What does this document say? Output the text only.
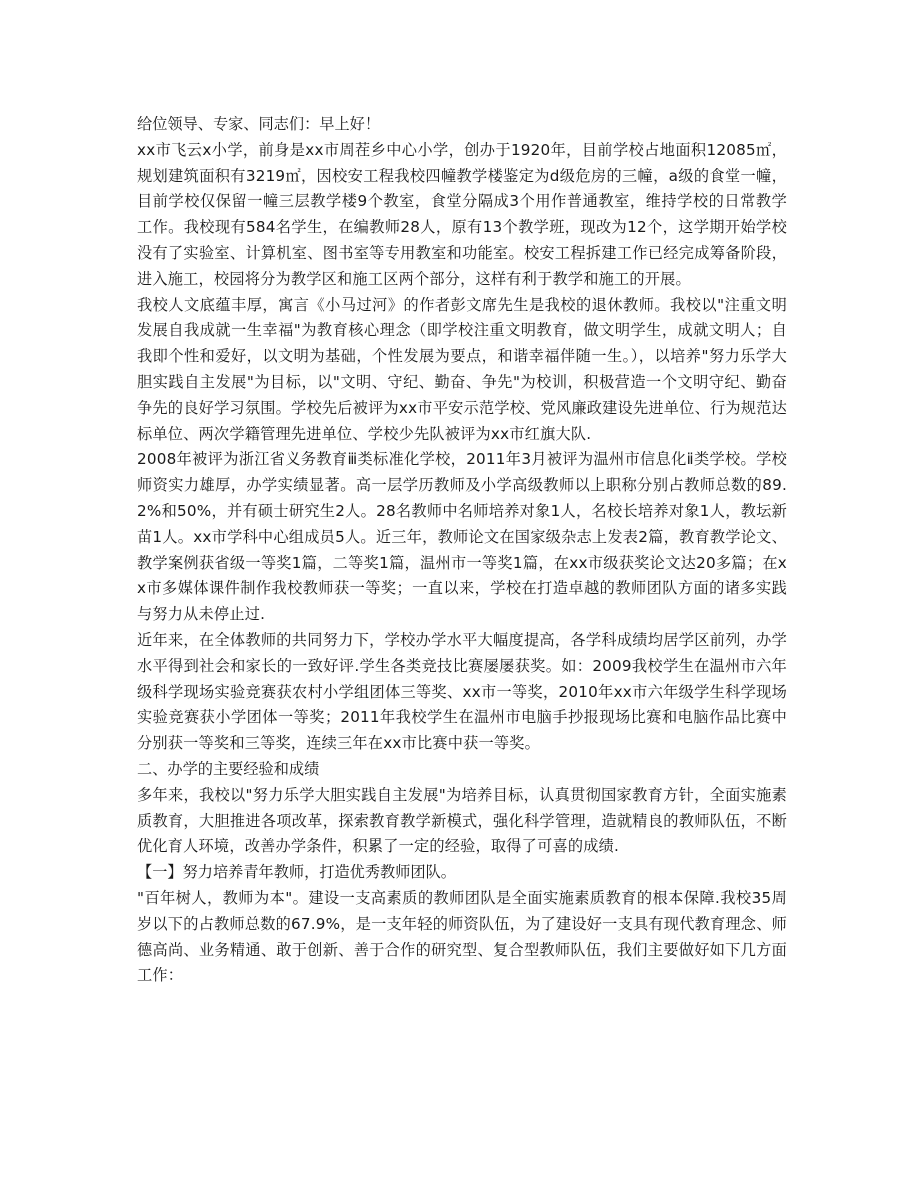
给位领导、专家、同志们：早上好！

xx市飞云x小学，前身是xx市周茬乡中心小学，创办于1920年，目前学校占地面积12085㎡，规划建筑面积有3219㎡，因校安工程我校四幢教学楼鉴定为d级危房的三幢，a级的食堂一幢，目前学校仅保留一幢三层教学楼9个教室，食堂分隔成3个用作普通教室，维持学校的日常教学工作。我校现有584名学生，在编教师28人，原有13个教学班，现改为12个，这学期开始学校没有了实验室、计算机室、图书室等专用教室和功能室。校安工程拆建工作已经完成筹备阶段，进入施工，校园将分为教学区和施工区两个部分，这样有利于教学和施工的开展。

我校人文底蕴丰厚，寓言《小马过河》的作者彭文席先生是我校的退休教师。我校以"注重文明发展自我成就一生幸福"为教育核心理念（即学校注重文明教育，做文明学生，成就文明人；自我即个性和爱好，以文明为基础，个性发展为要点，和谐幸福伴随一生。），以培养"努力乐学大胆实践自主发展"为目标，以"文明、守纪、勤奋、争先"为校训，积极营造一个文明守纪、勤奋争先的良好学习氛围。学校先后被评为xx市平安示范学校、党风廉政建设先进单位、行为规范达标单位、两次学籍管理先进单位、学校少先队被评为xx市红旗大队.

2008年被评为浙江省义务教育ⅲ类标准化学校，2011年3月被评为温州市信息化ⅱ类学校。学校师资实力雄厚，办学实绩显著。高一层学历教师及小学高级教师以上职称分别占教师总数的89.2%和50%，并有硕士研究生2人。28名教师中名师培养对象1人，名校长培养对象1人，教坛新苗1人。xx市学科中心组成员5人。近三年，教师论文在国家级杂志上发表2篇，教育教学论文、教学案例获省级一等奖1篇，二等奖1篇，温州市一等奖1篇，在xx市级获奖论文达20多篇；在xx市多媒体课件制作我校教师获一等奖；一直以来，学校在打造卓越的教师团队方面的诸多实践与努力从未停止过.

近年来，在全体教师的共同努力下，学校办学水平大幅度提高，各学科成绩均居学区前列，办学水平得到社会和家长的一致好评.学生各类竞技比赛屡屡获奖。如：2009我校学生在温州市六年级科学现场实验竞赛获农村小学组团体三等奖、xx市一等奖，2010年xx市六年级学生科学现场实验竞赛获小学团体一等奖；2011年我校学生在温州市电脑手抄报现场比赛和电脑作品比赛中分别获一等奖和三等奖，连续三年在xx市比赛中获一等奖。

二、办学的主要经验和成绩

多年来，我校以"努力乐学大胆实践自主发展"为培养目标，认真贯彻国家教育方针，全面实施素质教育，大胆推进各项改革，探索教育教学新模式，强化科学管理，造就精良的教师队伍，不断优化育人环境，改善办学条件，积累了一定的经验，取得了可喜的成绩.

【一】努力培养青年教师，打造优秀教师团队。

"百年树人，教师为本"。建设一支高素质的教师团队是全面实施素质教育的根本保障.我校35周岁以下的占教师总数的67.9%，是一支年轻的师资队伍，为了建设好一支具有现代教育理念、师德高尚、业务精通、敢于创新、善于合作的研究型、复合型教师队伍，我们主要做好如下几方面工作：
